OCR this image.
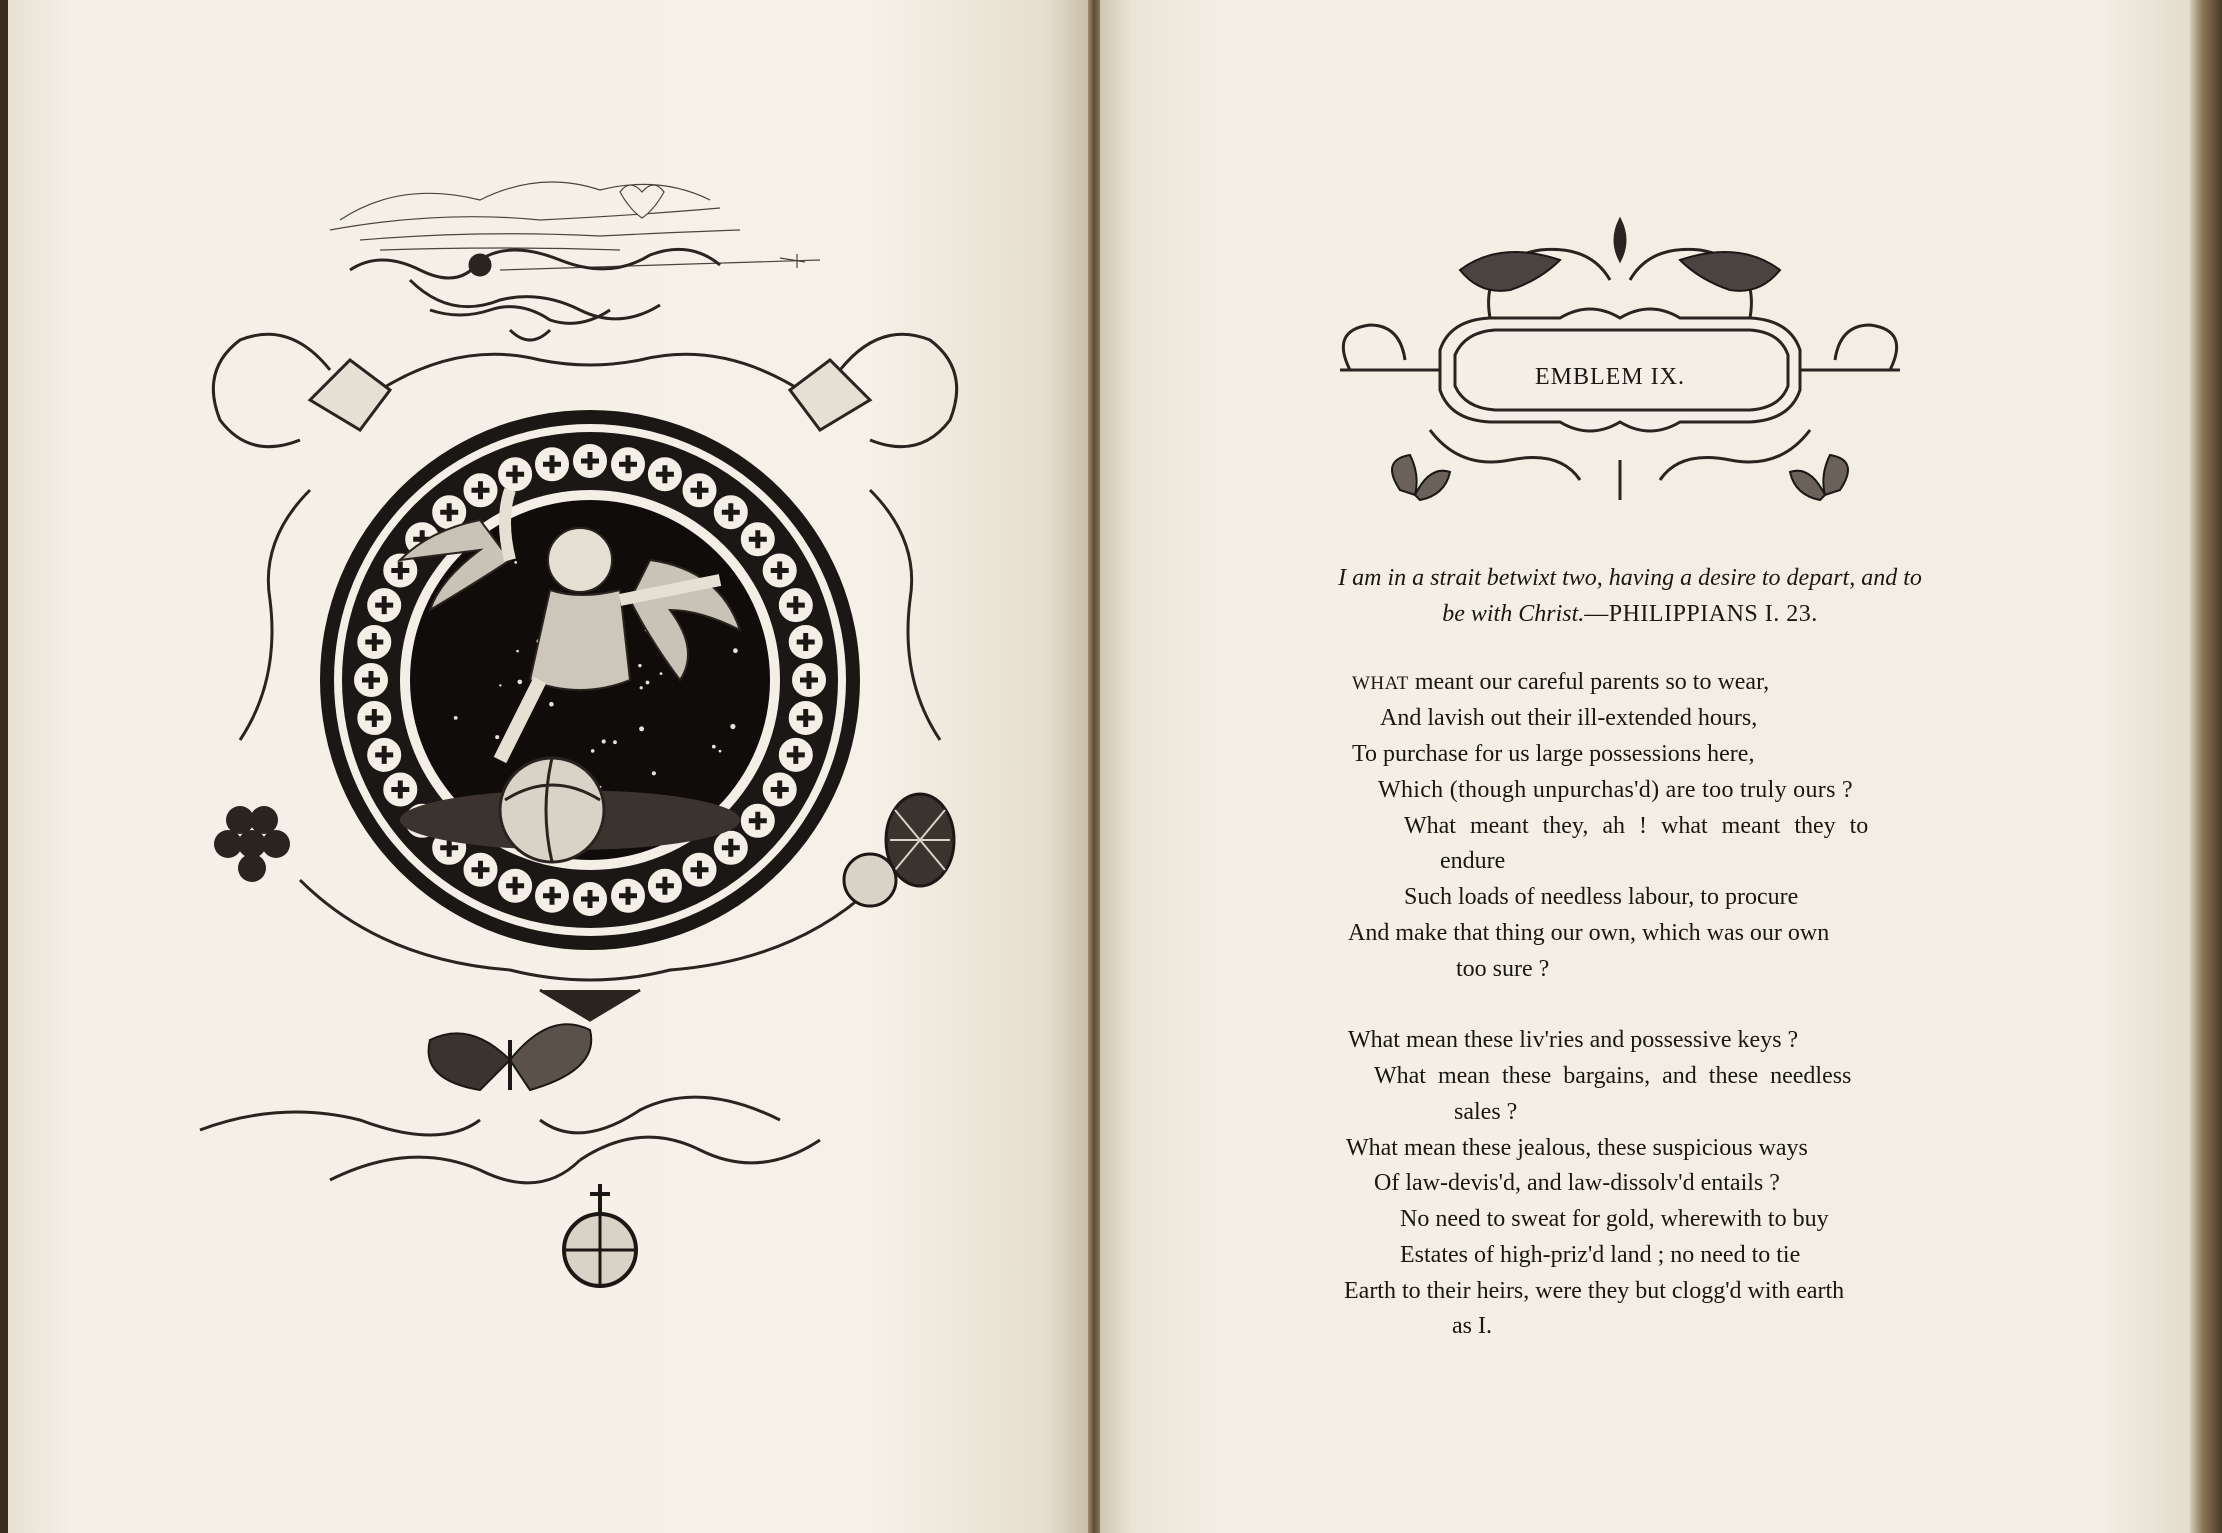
EMBLEM IX.
I am in a strait betwixt two, having a desire to depart, and to
be with Christ.—PHILIPPIANS I. 23.
WHAT meant our careful parents so to wear,
And lavish out their ill-extended hours,
To purchase for us large possessions here,
Which (though unpurchas'd) are too truly ours ?
What meant they, ah ! what meant they to
endure
Such loads of needless labour, to procure
And make that thing our own, which was our own
too sure ?
What mean these liv'ries and possessive keys ?
What mean these bargains, and these needless
sales ?
What mean these jealous, these suspicious ways
Of law-devis'd, and law-dissolv'd entails ?
No need to sweat for gold, wherewith to buy
Estates of high-priz'd land ; no need to tie
Earth to their heirs, were they but clogg'd with earth
as I.
